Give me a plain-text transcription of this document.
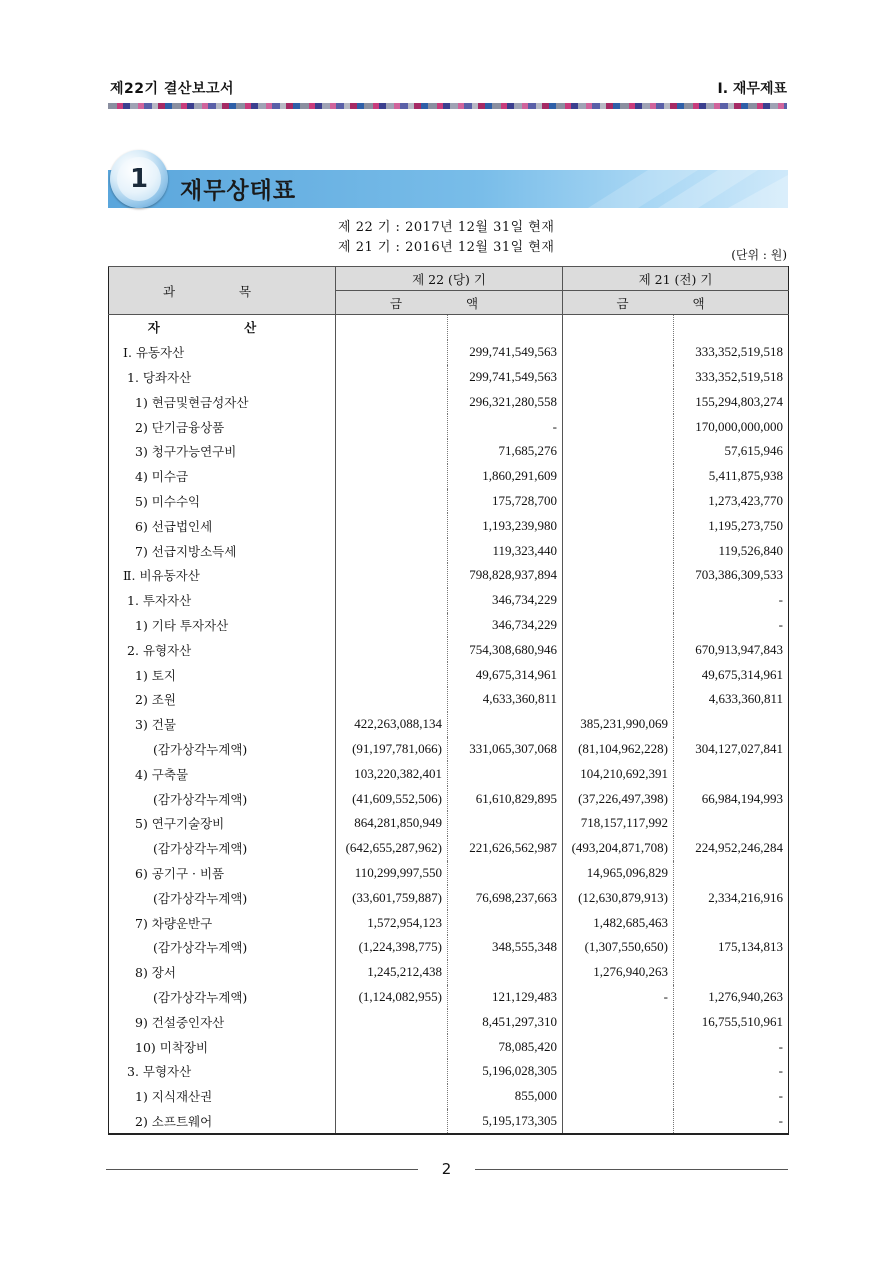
제22기 결산보고서	Ⅰ. 재무제표
1	재무상태표
제 22 기 : 2017년 12월 31일 현재
제 21 기 : 2016년 12월 31일 현재	(단위 : 원)
과 목	제 22 (당) 기		제 21 (전) 기	
	금 액		금 액	
자 산				
Ⅰ. 유동자산		299,741,549,563		333,352,519,518
1. 당좌자산		299,741,549,563		333,352,519,518
1) 현금및현금성자산		296,321,280,558		155,294,803,274
2) 단기금융상품		-		170,000,000,000
3) 청구가능연구비		71,685,276		57,615,946
4) 미수금		1,860,291,609		5,411,875,938
5) 미수수익		175,728,700		1,273,423,770
6) 선급법인세		1,193,239,980		1,195,273,750
7) 선급지방소득세		119,323,440		119,526,840
Ⅱ. 비유동자산		798,828,937,894		703,386,309,533
1. 투자자산		346,734,229		-
1) 기타 투자자산		346,734,229		-
2. 유형자산		754,308,680,946		670,913,947,843
1) 토지		49,675,314,961		49,675,314,961
2) 조원		4,633,360,811		4,633,360,811
3) 건물	422,263,088,134		385,231,990,069	
(감가상각누계액)	(91,197,781,066)	331,065,307,068	(81,104,962,228)	304,127,027,841
4) 구축물	103,220,382,401		104,210,692,391	
(감가상각누계액)	(41,609,552,506)	61,610,829,895	(37,226,497,398)	66,984,194,993
5) 연구기술장비	864,281,850,949		718,157,117,992	
(감가상각누계액)	(642,655,287,962)	221,626,562,987	(493,204,871,708)	224,952,246,284
6) 공기구 · 비품	110,299,997,550		14,965,096,829	
(감가상각누계액)	(33,601,759,887)	76,698,237,663	(12,630,879,913)	2,334,216,916
7) 차량운반구	1,572,954,123		1,482,685,463	
(감가상각누계액)	(1,224,398,775)	348,555,348	(1,307,550,650)	175,134,813
8) 장서	1,245,212,438		1,276,940,263	
(감가상각누계액)	(1,124,082,955)	121,129,483	-	1,276,940,263
9) 건설중인자산		8,451,297,310		16,755,510,961
10) 미착장비		78,085,420		-
3. 무형자산		5,196,028,305		-
1) 지식재산권		855,000		-
2) 소프트웨어		5,195,173,305		-
2
